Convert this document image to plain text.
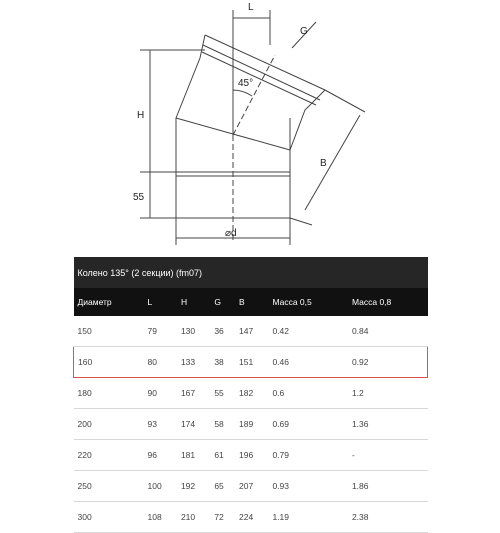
L
G
45°
H
B
55
⌀d
Колено 135° (2 секции) (fm07)						
Диаметр	L	H	G	B	Масса 0,5	Масса 0,8
150	79	130	36	147	0.42	0.84
160	80	133	38	151	0.46	0.92
180	90	167	55	182	0.6	1.2
200	93	174	58	189	0.69	1.36
220	96	181	61	196	0.79	-
250	100	192	65	207	0.93	1.86
300	108	210	72	224	1.19	2.38
